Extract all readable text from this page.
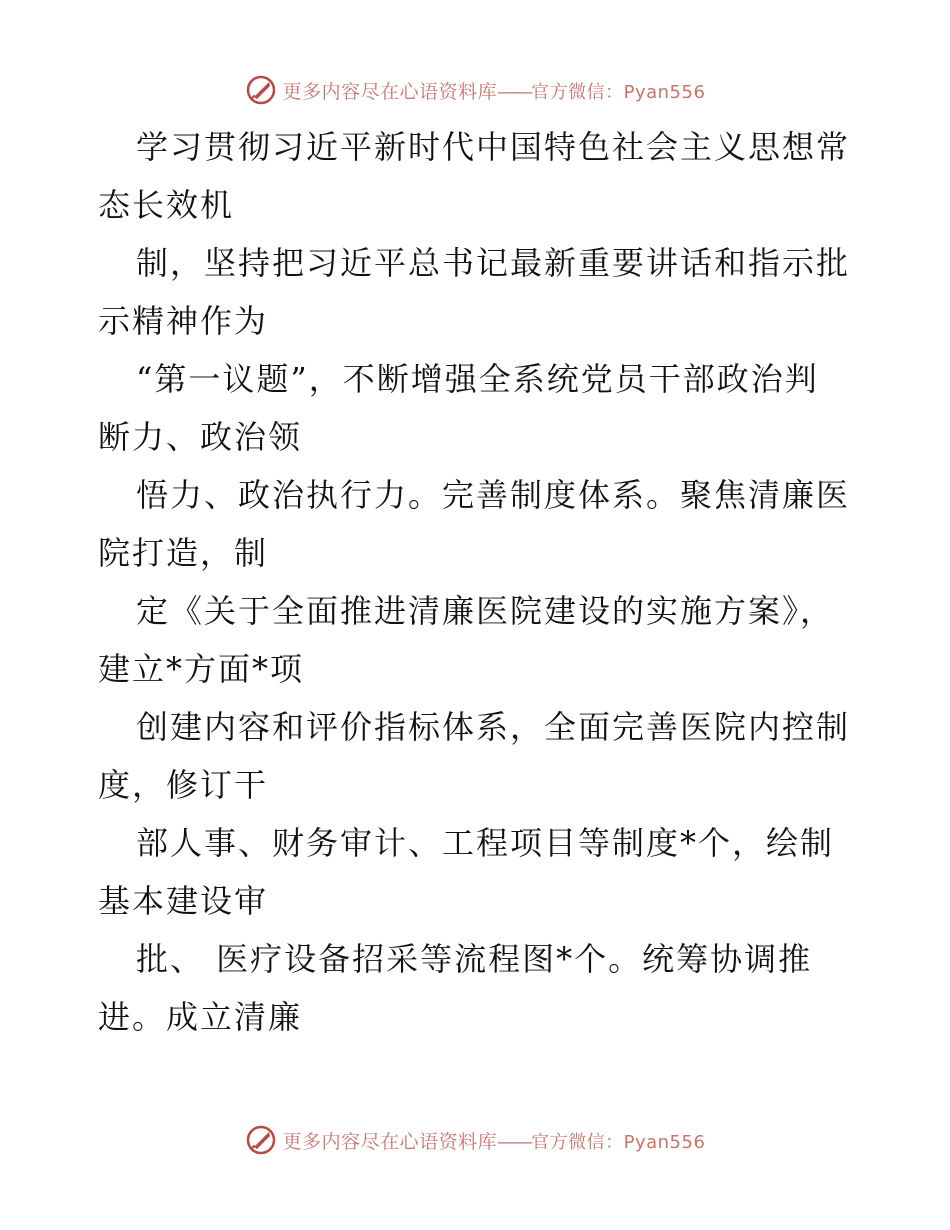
更多内容尽在心语资料库——官方微信：Pyan556
学习贯彻习近平新时代中国特色社会主义思想常
态长效机
制，坚持把习近平总书记最新重要讲话和指示批
示精神作为
“第一议题”，不断增强全系统党员干部政治判
断力、政治领
悟力、政治执行力。完善制度体系。聚焦清廉医
院打造，制
定《关于全面推进清廉医院建设的实施方案》，
建立*方面*项
创建内容和评价指标体系，全面完善医院内控制
度，修订干
部人事、财务审计、工程项目等制度*个，绘制
基本建设审
批、 医疗设备招采等流程图*个。统筹协调推
进。成立清廉
更多内容尽在心语资料库——官方微信：Pyan556
